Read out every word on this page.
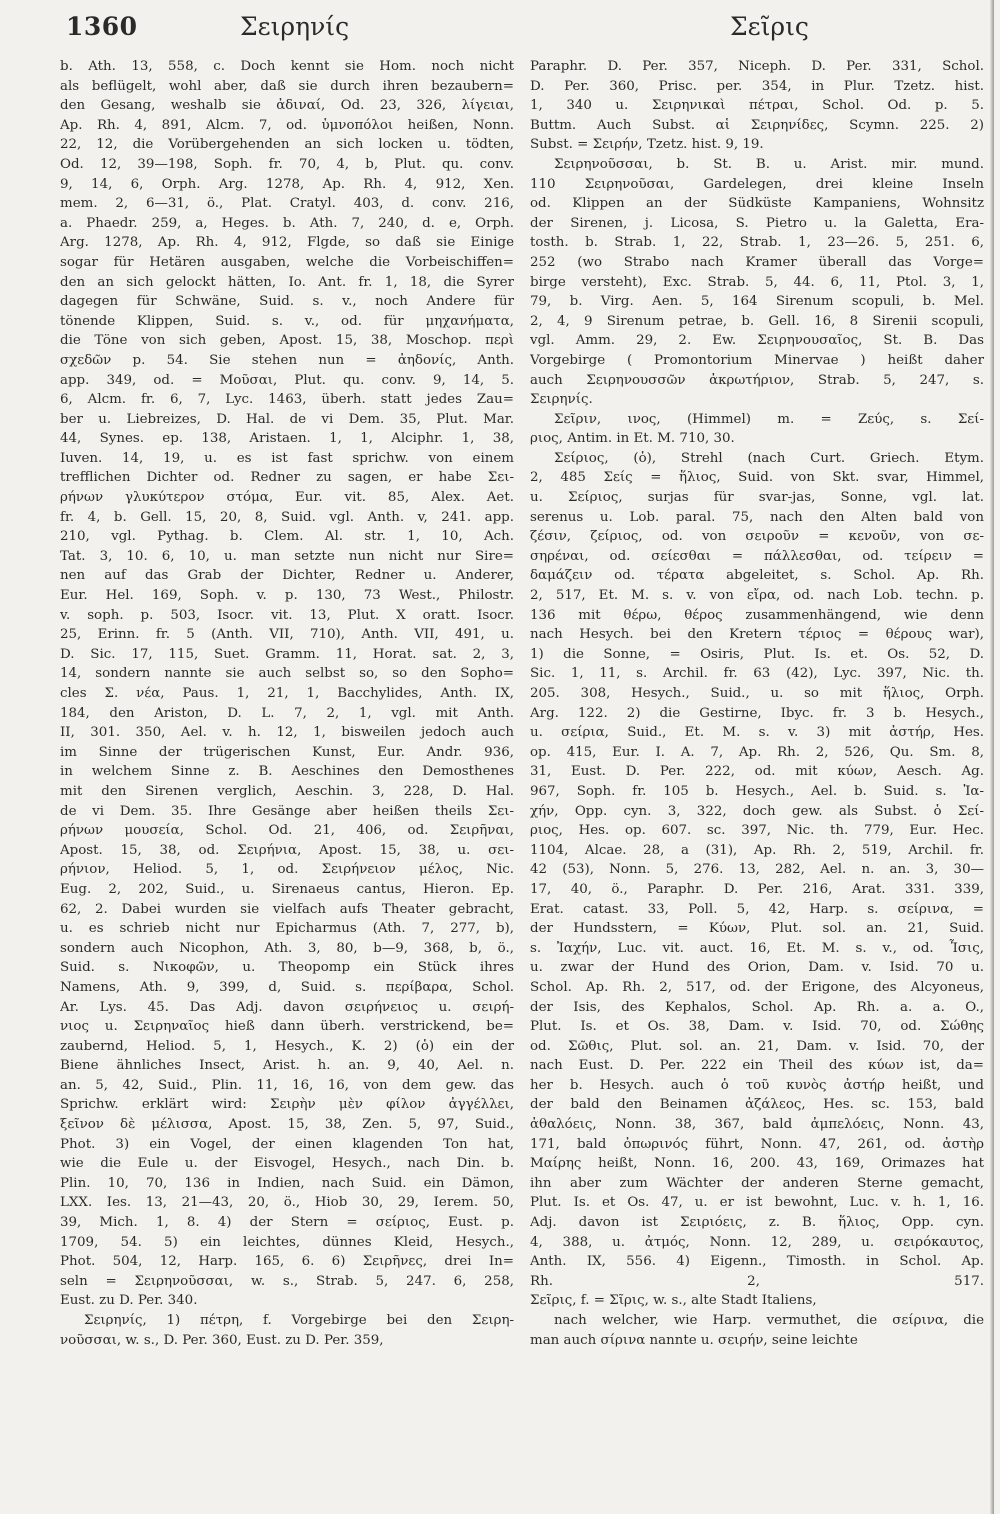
1360	Σειρηνίς	Σεῖρις
b. Ath. 13, 558, c. Doch kennt sie Hom. noch nicht
als beflügelt, wohl aber, daß sie durch ihren bezaubern=
den Gesang, weshalb sie ἀδιναί, Od. 23, 326, λίγειαι,
Ap. Rh. 4, 891, Alcm. 7, od. ὑμνοπόλοι heißen, Nonn.
22, 12, die Vorübergehenden an sich locken u. tödten,
Od. 12, 39—198, Soph. fr. 70, 4, b, Plut. qu. conv.
9, 14, 6, Orph. Arg. 1278, Ap. Rh. 4, 912, Xen.
mem. 2, 6—31, ö., Plat. Cratyl. 403, d. conv. 216,
a. Phaedr. 259, a, Heges. b. Ath. 7, 240, d. e, Orph.
Arg. 1278, Ap. Rh. 4, 912, Flgde, so daß sie Einige
sogar für Hetären ausgaben, welche die Vorbeischiffen=
den an sich gelockt hätten, Io. Ant. fr. 1, 18, die Syrer
dagegen für Schwäne, Suid. s. v., noch Andere für
tönende Klippen, Suid. s. v., od. für μηχανήματα,
die Töne von sich geben, Apost. 15, 38, Moschop. περὶ
σχεδῶν p. 54. Sie stehen nun = ἀηδονίς, Anth.
app. 349, od. = Μοῦσαι, Plut. qu. conv. 9, 14, 5.
6, Alcm. fr. 6, 7, Lyc. 1463, überh. statt jedes Zau=
ber u. Liebreizes, D. Hal. de vi Dem. 35, Plut. Mar.
44, Synes. ep. 138, Aristaen. 1, 1, Alciphr. 1, 38,
Iuven. 14, 19, u. es ist fast sprichw. von einem
trefflichen Dichter od. Redner zu sagen, er habe Σει-
ρήνων γλυκύτερον στόμα, Eur. vit. 85, Alex. Aet.
fr. 4, b. Gell. 15, 20, 8, Suid. vgl. Anth. v, 241. app.
210, vgl. Pythag. b. Clem. Al. str. 1, 10, Ach.
Tat. 3, 10. 6, 10, u. man setzte nun nicht nur Sire=
nen auf das Grab der Dichter, Redner u. Anderer,
Eur. Hel. 169, Soph. v. p. 130, 73 West., Philostr.
v. soph. p. 503, Isocr. vit. 13, Plut. X oratt. Isocr.
25, Erinn. fr. 5 (Anth. VII, 710), Anth. VII, 491, u.
D. Sic. 17, 115, Suet. Gramm. 11, Horat. sat. 2, 3,
14, sondern nannte sie auch selbst so, so den Sopho=
cles Σ. νέα, Paus. 1, 21, 1, Bacchylides, Anth. IX,
184, den Ariston, D. L. 7, 2, 1, vgl. mit Anth.
II, 301. 350, Ael. v. h. 12, 1, bisweilen jedoch auch
im Sinne der trügerischen Kunst, Eur. Andr. 936,
in welchem Sinne z. B. Aeschines den Demosthenes
mit den Sirenen verglich, Aeschin. 3, 228, D. Hal.
de vi Dem. 35. Ihre Gesänge aber heißen theils Σει-
ρήνων μουσεία, Schol. Od. 21, 406, od. Σειρῆναι,
Apost. 15, 38, od. Σειρήνια, Apost. 15, 38, u. σει-
ρήνιον, Heliod. 5, 1, od. Σειρήνειον μέλος, Nic.
Eug. 2, 202, Suid., u. Sirenaeus cantus, Hieron. Ep.
62, 2. Dabei wurden sie vielfach aufs Theater gebracht,
u. es schrieb nicht nur Epicharmus (Ath. 7, 277, b),
sondern auch Nicophon, Ath. 3, 80, b—9, 368, b, ö.,
Suid. s. Νικοφῶν, u. Theopomp ein Stück ihres
Namens, Ath. 9, 399, d, Suid. s. περίβαρα, Schol.
Ar. Lys. 45. Das Adj. davon σειρήνειος u. σειρή-
νιος u. Σειρηναῖος hieß dann überh. verstrickend, be=
zaubernd, Heliod. 5, 1, Hesych., K. 2) (ὁ) ein der
Biene ähnliches Insect, Arist. h. an. 9, 40, Ael. n.
an. 5, 42, Suid., Plin. 11, 16, 16, von dem gew. das
Sprichw. erklärt wird: Σειρὴν μὲν φίλον ἀγγέλλει,
ξεῖνον δὲ μέλισσα, Apost. 15, 38, Zen. 5, 97, Suid.,
Phot. 3) ein Vogel, der einen klagenden Ton hat,
wie die Eule u. der Eisvogel, Hesych., nach Din. b.
Plin. 10, 70, 136 in Indien, nach Suid. ein Dämon,
LXX. Ies. 13, 21—43, 20, ö., Hiob 30, 29, Ierem. 50,
39, Mich. 1, 8. 4) der Stern = σείριος, Eust. p.
1709, 54. 5) ein leichtes, dünnes Kleid, Hesych.,
Phot. 504, 12, Harp. 165, 6. 6) Σειρῆνες, drei In=
seln = Σειρηνοῦσσαι, w. s., Strab. 5, 247. 6, 258,
Eust. zu D. Per. 340.
Σειρηνίς, 1) πέτρη, f. Vorgebirge bei den Σειρη-
νοῦσσαι, w. s., D. Per. 360, Eust. zu D. Per. 359,
Paraphr. D. Per. 357, Niceph. D. Per. 331, Schol.
D. Per. 360, Prisc. per. 354, in Plur. Tzetz. hist.
1, 340 u. Σειρηνικαὶ πέτραι, Schol. Od. p. 5.
Buttm. Auch Subst. αἱ Σειρηνίδες, Scymn. 225. 2)
Subst. = Σειρήν, Tzetz. hist. 9, 19.
Σειρηνοῦσσαι, b. St. B. u. Arist. mir. mund.
110 Σειρηνοῦσαι, Gardelegen, drei kleine Inseln
od. Klippen an der Südküste Kampaniens, Wohnsitz
der Sirenen, j. Licosa, S. Pietro u. la Galetta, Era-
tosth. b. Strab. 1, 22, Strab. 1, 23—26. 5, 251. 6,
252 (wo Strabo nach Kramer überall das Vorge=
birge versteht), Exc. Strab. 5, 44. 6, 11, Ptol. 3, 1,
79, b. Virg. Aen. 5, 164 Sirenum scopuli, b. Mel.
2, 4, 9 Sirenum petrae, b. Gell. 16, 8 Sirenii scopuli,
vgl. Amm. 29, 2. Ew. Σειρηνουσαῖος, St. B. Das
Vorgebirge ( Promontorium Minervae ) heißt daher
auch Σειρηνουσσῶν ἀκρωτήριον, Strab. 5, 247, s.
Σειρηνίς.
Σεῖριν, ινος, (Himmel) m. = Ζεύς, s. Σεί-
ριος, Antim. in Et. M. 710, 30.
Σείριος, (ὁ), Strehl (nach Curt. Griech. Etym.
2, 485 Σείς = ἥλιος, Suid. von Skt. svar, Himmel,
u. Σείριος, surjas für svar-jas, Sonne, vgl. lat.
serenus u. Lob. paral. 75, nach den Alten bald von
ζέσιν, ζείριος, od. von σειροῦν = κενοῦν, von σε-
σηρέναι, od. σείεσθαι = πάλλεσθαι, od. τείρειν =
δαμάζειν od. τέρατα abgeleitet, s. Schol. Ap. Rh.
2, 517, Et. M. s. v. von εἴρα, od. nach Lob. techn. p.
136 mit θέρω, θέρος zusammenhängend, wie denn
nach Hesych. bei den Kretern τέριος = θέρους war),
1) die Sonne, = Osiris, Plut. Is. et. Os. 52, D.
Sic. 1, 11, s. Archil. fr. 63 (42), Lyc. 397, Nic. th.
205. 308, Hesych., Suid., u. so mit ἥλιος, Orph.
Arg. 122. 2) die Gestirne, Ibyc. fr. 3 b. Hesych.,
u. σείρια, Suid., Et. M. s. v. 3) mit ἀστήρ, Hes.
op. 415, Eur. I. A. 7, Ap. Rh. 2, 526, Qu. Sm. 8,
31, Eust. D. Per. 222, od. mit κύων, Aesch. Ag.
967, Soph. fr. 105 b. Hesych., Ael. b. Suid. s. Ἰα-
χήν, Opp. cyn. 3, 322, doch gew. als Subst. ὁ Σεί-
ριος, Hes. op. 607. sc. 397, Nic. th. 779, Eur. Hec.
1104, Alcae. 28, a (31), Ap. Rh. 2, 519, Archil. fr.
42 (53), Nonn. 5, 276. 13, 282, Ael. n. an. 3, 30—
17, 40, ö., Paraphr. D. Per. 216, Arat. 331. 339,
Erat. catast. 33, Poll. 5, 42, Harp. s. σείρινα, =
der Hundsstern, = Κύων, Plut. sol. an. 21, Suid.
s. Ἰαχήν, Luc. vit. auct. 16, Et. M. s. v., od. Ἶσις,
u. zwar der Hund des Orion, Dam. v. Isid. 70 u.
Schol. Ap. Rh. 2, 517, od. der Erigone, des Alcyoneus,
der Isis, des Kephalos, Schol. Ap. Rh. a. a. O.,
Plut. Is. et Os. 38, Dam. v. Isid. 70, od. Σώθης
od. Σῶθις, Plut. sol. an. 21, Dam. v. Isid. 70, der
nach Eust. D. Per. 222 ein Theil des κύων ist, da=
her b. Hesych. auch ὁ τοῦ κυνὸς ἀστήρ heißt, und
der bald den Beinamen ἀζάλεος, Hes. sc. 153, bald
ἀθαλόεις, Nonn. 38, 367, bald ἀμπελόεις, Nonn. 43,
171, bald ὀπωρινός führt, Nonn. 47, 261, od. ἀστὴρ
Μαίρης heißt, Nonn. 16, 200. 43, 169, Orimazes hat
ihn aber zum Wächter der anderen Sterne gemacht,
Plut. Is. et Os. 47, u. er ist bewohnt, Luc. v. h. 1, 16.
Adj. davon ist Σειριόεις, z. B. ἥλιος, Opp. cyn.
4, 388, u. ἀτμός, Nonn. 12, 289, u. σειρόκαυτος,
Anth. IX, 556. 4) Eigenn., Timosth. in Schol. Ap.
Rh. 2, 517.
Σεῖρις, f. = Σῖρις, w. s., alte Stadt Italiens,
nach welcher, wie Harp. vermuthet, die σείρινα, die
man auch σίρινα nannte u. σειρήν, seine leichte
